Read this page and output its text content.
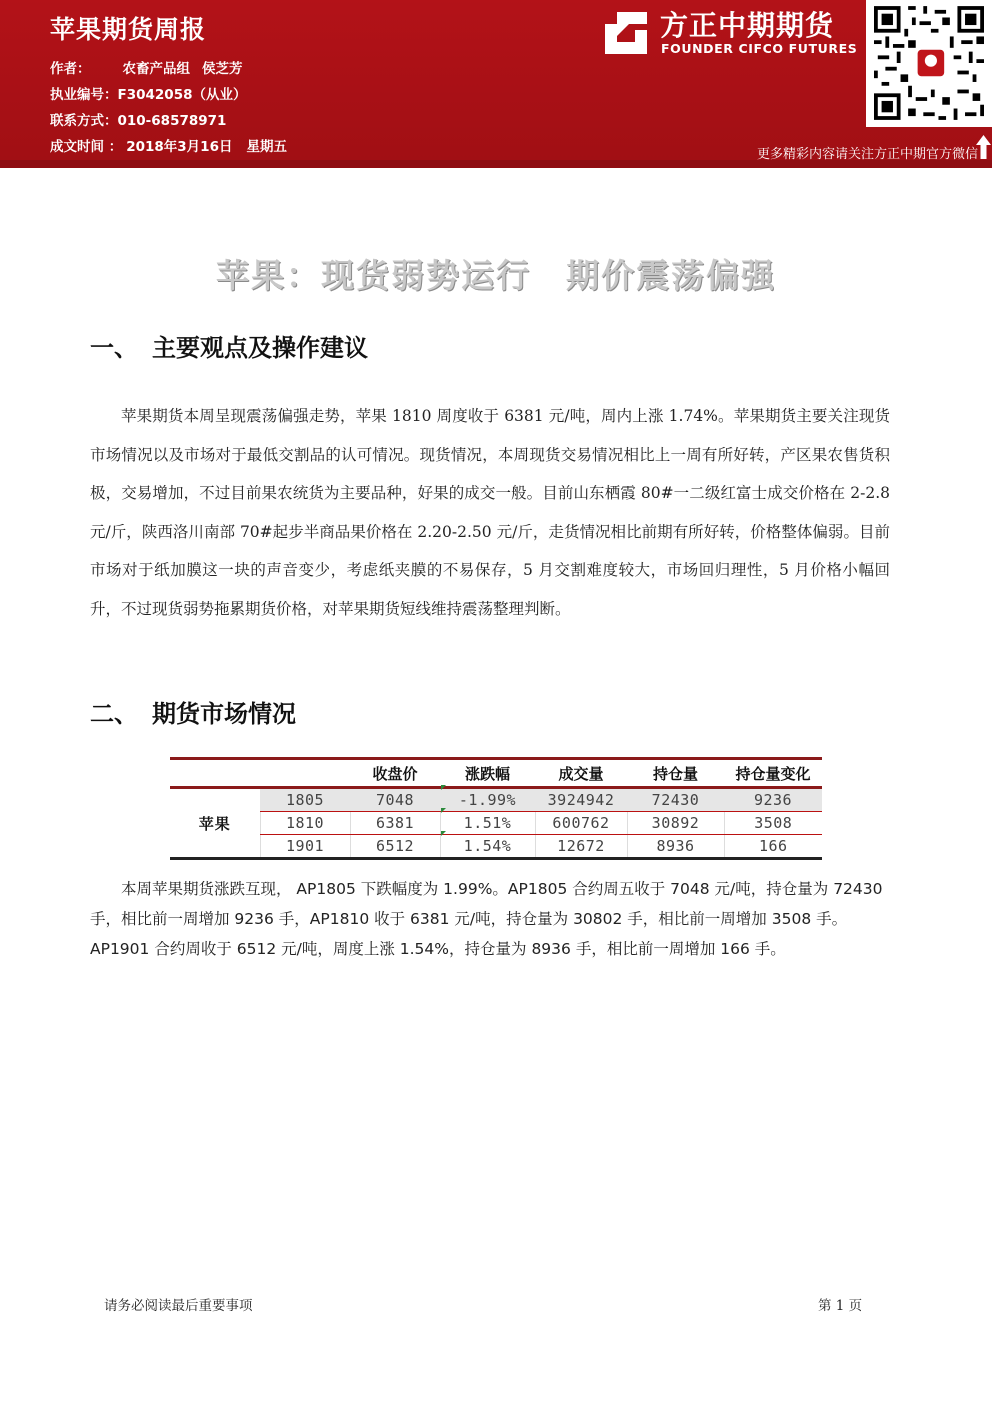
苹果期货周报
作者： 农畜产品组 侯芝芳
执业编号：F3042058（从业）
联系方式：010-68578971
成文时间 ： 2018年3月16日 星期五
方正中期期货
FOUNDER CIFCO FUTURES
更多精彩内容请关注方正中期官方微信
苹果：现货弱势运行　期价震荡偏强
一、 主要观点及操作建议
苹果期货本周呈现震荡偏强走势，苹果 1810 周度收于 6381 元/吨，周内上涨 1.74%。苹果期货主要关注现货市场情况以及市场对于最低交割品的认可情况。现货情况，本周现货交易情况相比上一周有所好转，产区果农售货积极，交易增加，不过目前果农统货为主要品种，好果的成交一般。目前山东栖霞 80#一二级红富士成交价格在 2-2.8 元/斤，陕西洛川南部 70#起步半商品果价格在 2.20-2.50 元/斤，走货情况相比前期有所好转，价格整体偏弱。目前市场对于纸加膜这一块的声音变少，考虑纸夹膜的不易保存，5 月交割难度较大，市场回归理性，5 月价格小幅回升，不过现货弱势拖累期货价格，对苹果期货短线维持震荡整理判断。
二、 期货市场情况
		收盘价	涨跌幅	成交量	持仓量	持仓量变化
苹果	1805	7048	-1.99%	3924942	72430	9236
	1810	6381	1.51%	600762	30892	3508
	1901	6512	1.54%	12672	8936	166
本周苹果期货涨跌互现， AP1805 下跌幅度为 1.99%。AP1805 合约周五收于 7048 元/吨，持仓量为 72430 手，相比前一周增加 9236 手，AP1810 收于 6381 元/吨，持仓量为 30802 手，相比前一周增加 3508 手。AP1901 合约周收于 6512 元/吨，周度上涨 1.54%，持仓量为 8936 手，相比前一周增加 166 手。
请务必阅读最后重要事项	第 1 页
